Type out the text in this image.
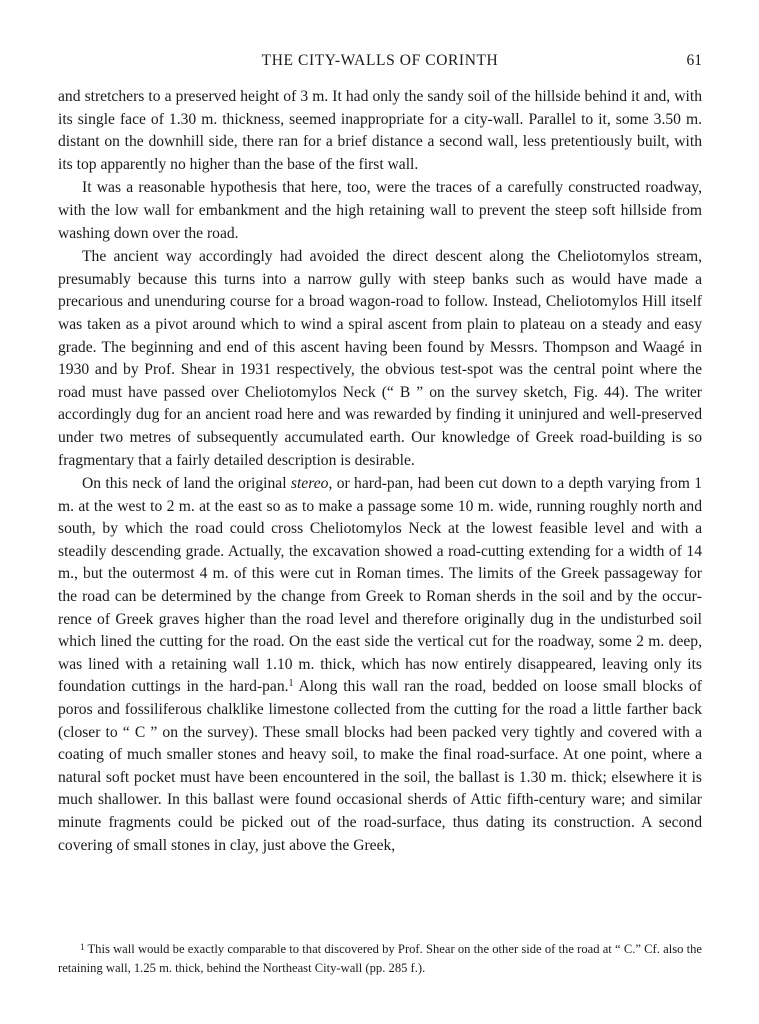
THE CITY-WALLS OF CORINTH	61

and stretchers to a preserved height of 3 m. It had only the sandy soil of the hillside behind it and, with its single face of 1.30 m. thickness, seemed inappropriate for a city-wall. Parallel to it, some 3.50 m. distant on the downhill side, there ran for a brief distance a second wall, less pretentiously built, with its top apparently no higher than the base of the first wall.

It was a reasonable hypothesis that here, too, were the traces of a carefully constructed roadway, with the low wall for embankment and the high retaining wall to prevent the steep soft hillside from washing down over the road.

The ancient way accordingly had avoided the direct descent along the Cheliotomylos stream, presumably because this turns into a narrow gully with steep banks such as would have made a precarious and unenduring course for a broad wagon-road to follow. Instead, Cheliotomylos Hill itself was taken as a pivot around which to wind a spiral ascent from plain to plateau on a steady and easy grade. The beginning and end of this ascent having been found by Messrs. Thompson and Waagé in 1930 and by Prof. Shear in 1931 respectively, the obvious test-spot was the central point where the road must have passed over Cheliotomylos Neck (“ B ” on the survey sketch, Fig. 44). The writer accordingly dug for an ancient road here and was rewarded by finding it uninjured and well-preserved under two metres of subsequently accumulated earth. Our knowledge of Greek road-building is so fragmentary that a fairly detailed description is desirable.

On this neck of land the original stereo, or hard-pan, had been cut down to a depth varying from 1 m. at the west to 2 m. at the east so as to make a passage some 10 m. wide, running roughly north and south, by which the road could cross Cheliotomylos Neck at the lowest feasible level and with a steadily descending grade. Actually, the excavation showed a road-cutting extending for a width of 14 m., but the outermost 4 m. of this were cut in Roman times. The limits of the Greek passageway for the road can be determined by the change from Greek to Roman sherds in the soil and by the occurrence of Greek graves higher than the road level and therefore originally dug in the undisturbed soil which lined the cutting for the road. On the east side the vertical cut for the roadway, some 2 m. deep, was lined with a retaining wall 1.10 m. thick, which has now entirely disappeared, leaving only its foundation cuttings in the hard-pan.$^1$ Along this wall ran the road, bedded on loose small blocks of poros and fossiliferous chalklike limestone collected from the cutting for the road a little farther back (closer to “ C ” on the survey). These small blocks had been packed very tightly and covered with a coating of much smaller stones and heavy soil, to make the final road-surface. At one point, where a natural soft pocket must have been encountered in the soil, the ballast is 1.30 m. thick; elsewhere it is much shallower. In this ballast were found occasional sherds of Attic fifth-century ware; and similar minute fragments could be picked out of the road-surface, thus dating its construction. A second covering of small stones in clay, just above the Greek,

$^1$ This wall would be exactly comparable to that discovered by Prof. Shear on the other side of the road at “ C.” Cf. also the retaining wall, 1.25 m. thick, behind the Northeast City-wall (pp. 285 f.).
